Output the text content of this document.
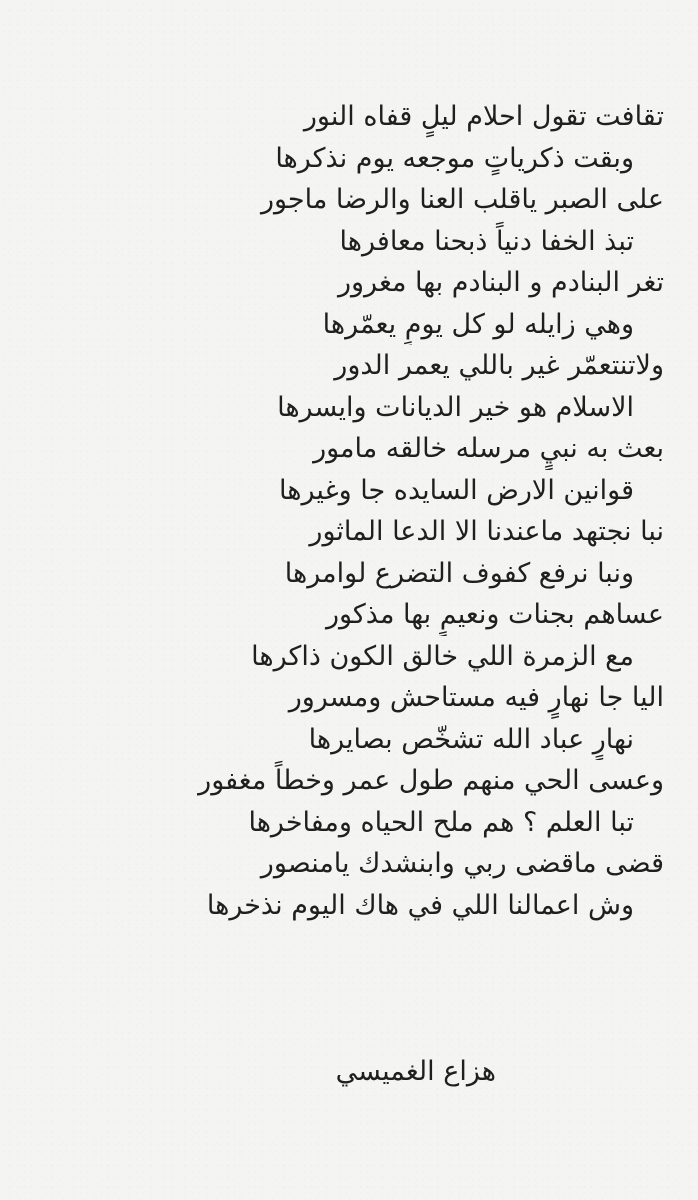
تقافت تقول احلام ليلٍ قفاه النور
وبقت ذكرياتٍ موجعه يوم نذكرها
على الصبر ياقلب العنا والرضا ماجور
تبذ الخفا دنياً ذبحنا معافرها
تغر البنادم و البنادم بها مغرور
وهي زايله لو كل يومٍ يعمّرها
ولاتنتعمّر غير باللي يعمر الدور
الاسلام هو خير الديانات وايسرها
بعث به نبيٍ مرسله خالقه مامور
قوانين الارض السايده جا وغيرها
نبا نجتهد ماعندنا الا الدعا الماثور
ونبا نرفع كفوف التضرع لوامرها
عساهم بجنات ونعيمٍ بها مذكور
مع الزمرة اللي خالق الكون ذاكرها
اليا جا نهارٍ فيه مستاحش ومسرور
نهارٍ عباد الله تشخّص بصايرها
وعسى الحي منهم طول عمر وخطاً مغفور
تبا العلم ؟ هم ملح الحياه ومفاخرها
قضى ماقضى ربي وابنشدك يامنصور
وش اعمالنا اللي في هاك اليوم نذخرها
هزاع الغميسي
